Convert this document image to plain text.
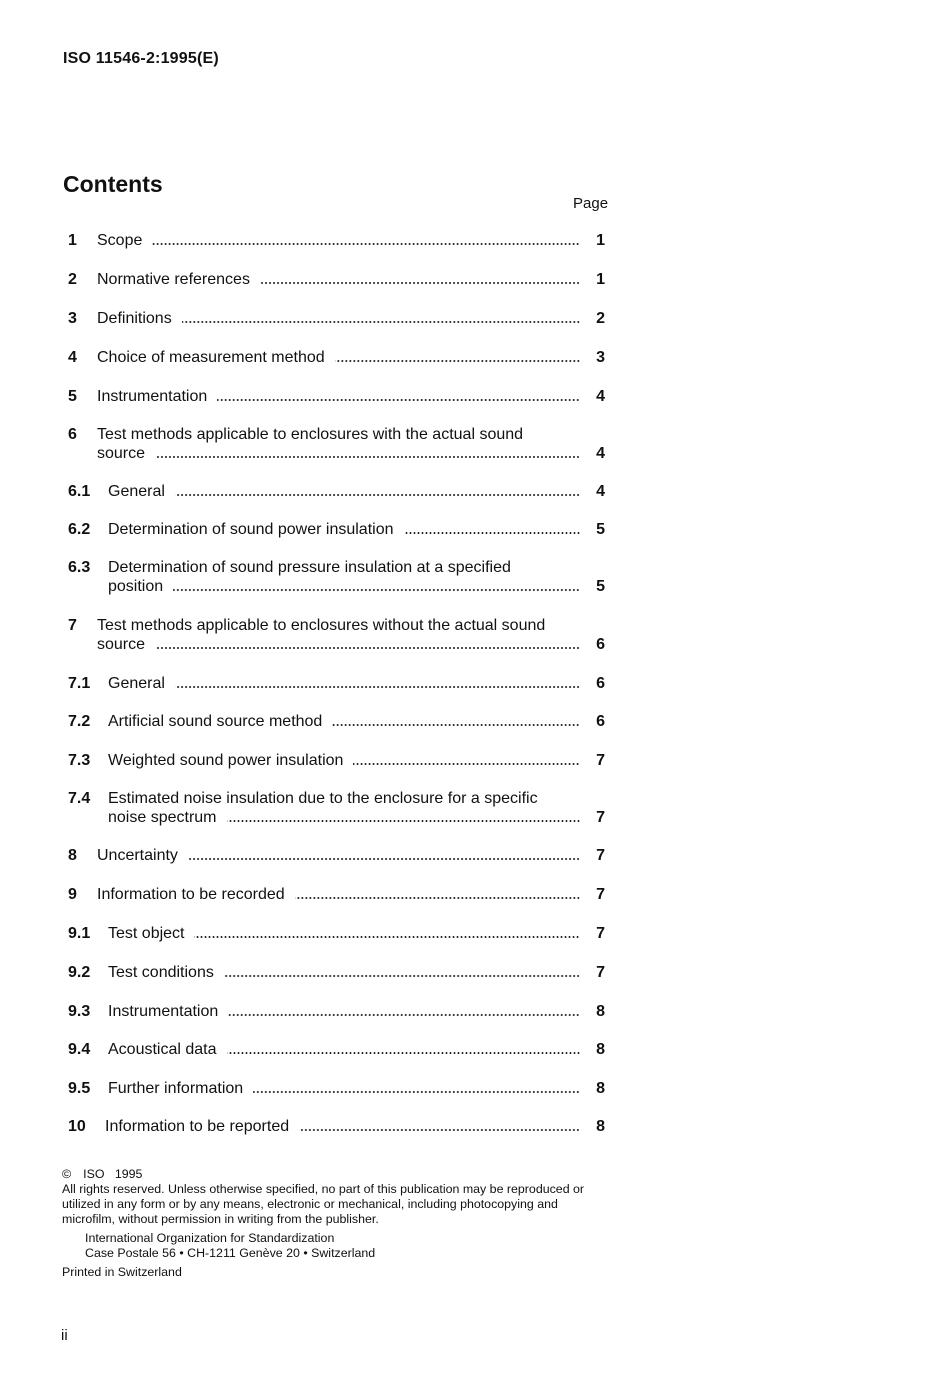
ISO 11546-2:1995(E)
Contents
Page
1 Scope	1
2 Normative references	1
3 Definitions	2
4 Choice of measurement method	3
5 Instrumentation	4
6 Test methods applicable to enclosures with the actual sound
source	4
6.1 General	4
6.2 Determination of sound power insulation	5
6.3 Determination of sound pressure insulation at a specified
position	5
7 Test methods applicable to enclosures without the actual sound
source	6
7.1 General	6
7.2 Artificial sound source method	6
7.3 Weighted sound power insulation	7
7.4 Estimated noise insulation due to the enclosure for a specific
noise spectrum	7
8 Uncertainty	7
9 Information to be recorded	7
9.1 Test object	7
9.2 Test conditions	7
9.3 Instrumentation	8
9.4 Acoustical data	8
9.5 Further information	8
10 Information to be reported	8
© ISO   1995
All rights reserved. Unless otherwise specified, no part of this publication may be reproduced or utilized in any form or by any means, electronic or mechanical, including photocopying and microfilm, without permission in writing from the publisher.
International Organization for Standardization
Case Postale 56 • CH-1211 Genève 20 • Switzerland
Printed in Switzerland
ii
